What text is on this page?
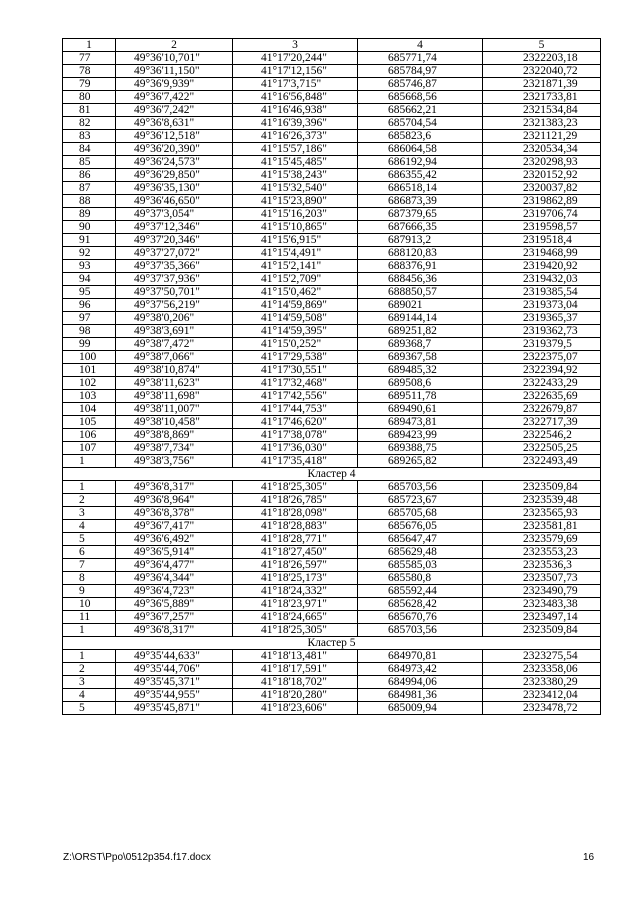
1	2	3	4	5
77	49°36'10,701"	41°17'20,244"	685771,74	2322203,18
78	49°36'11,150"	41°17'12,156"	685784,97	2322040,72
79	49°36'9,939"	41°17'3,715"	685746,87	2321871,39
80	49°36'7,422"	41°16'56,848"	685668,56	2321733,81
81	49°36'7,242"	41°16'46,938"	685662,21	2321534,84
82	49°36'8,631"	41°16'39,396"	685704,54	2321383,23
83	49°36'12,518"	41°16'26,373"	685823,6	2321121,29
84	49°36'20,390"	41°15'57,186"	686064,58	2320534,34
85	49°36'24,573"	41°15'45,485"	686192,94	2320298,93
86	49°36'29,850"	41°15'38,243"	686355,42	2320152,92
87	49°36'35,130"	41°15'32,540"	686518,14	2320037,82
88	49°36'46,650"	41°15'23,890"	686873,39	2319862,89
89	49°37'3,054"	41°15'16,203"	687379,65	2319706,74
90	49°37'12,346"	41°15'10,865"	687666,35	2319598,57
91	49°37'20,346"	41°15'6,915"	687913,2	2319518,4
92	49°37'27,072"	41°15'4,491"	688120,83	2319468,99
93	49°37'35,366"	41°15'2,141"	688376,91	2319420,92
94	49°37'37,936"	41°15'2,709"	688456,36	2319432,03
95	49°37'50,701"	41°15'0,462"	688850,57	2319385,54
96	49°37'56,219"	41°14'59,869"	689021	2319373,04
97	49°38'0,206"	41°14'59,508"	689144,14	2319365,37
98	49°38'3,691"	41°14'59,395"	689251,82	2319362,73
99	49°38'7,472"	41°15'0,252"	689368,7	2319379,5
100	49°38'7,066"	41°17'29,538"	689367,58	2322375,07
101	49°38'10,874"	41°17'30,551"	689485,32	2322394,92
102	49°38'11,623"	41°17'32,468"	689508,6	2322433,29
103	49°38'11,698"	41°17'42,556"	689511,78	2322635,69
104	49°38'11,007"	41°17'44,753"	689490,61	2322679,87
105	49°38'10,458"	41°17'46,620"	689473,81	2322717,39
106	49°38'8,869"	41°17'38,078"	689423,99	2322546,2
107	49°38'7,734"	41°17'36,030"	689388,75	2322505,25
1	49°38'3,756"	41°17'35,418"	689265,82	2322493,49
Кластер 4				
1	49°36'8,317"	41°18'25,305"	685703,56	2323509,84
2	49°36'8,964"	41°18'26,785"	685723,67	2323539,48
3	49°36'8,378"	41°18'28,098"	685705,68	2323565,93
4	49°36'7,417"	41°18'28,883"	685676,05	2323581,81
5	49°36'6,492"	41°18'28,771"	685647,47	2323579,69
6	49°36'5,914"	41°18'27,450"	685629,48	2323553,23
7	49°36'4,477"	41°18'26,597"	685585,03	2323536,3
8	49°36'4,344"	41°18'25,173"	685580,8	2323507,73
9	49°36'4,723"	41°18'24,332"	685592,44	2323490,79
10	49°36'5,889"	41°18'23,971"	685628,42	2323483,38
11	49°36'7,257"	41°18'24,665"	685670,76	2323497,14
1	49°36'8,317"	41°18'25,305"	685703,56	2323509,84
Кластер 5				
1	49°35'44,633"	41°18'13,481"	684970,81	2323275,54
2	49°35'44,706"	41°18'17,591"	684973,42	2323358,06
3	49°35'45,371"	41°18'18,702"	684994,06	2323380,29
4	49°35'44,955"	41°18'20,280"	684981,36	2323412,04
5	49°35'45,871"	41°18'23,606"	685009,94	2323478,72
Z:\ORST\Ppo\0512p354.f17.docx	16
